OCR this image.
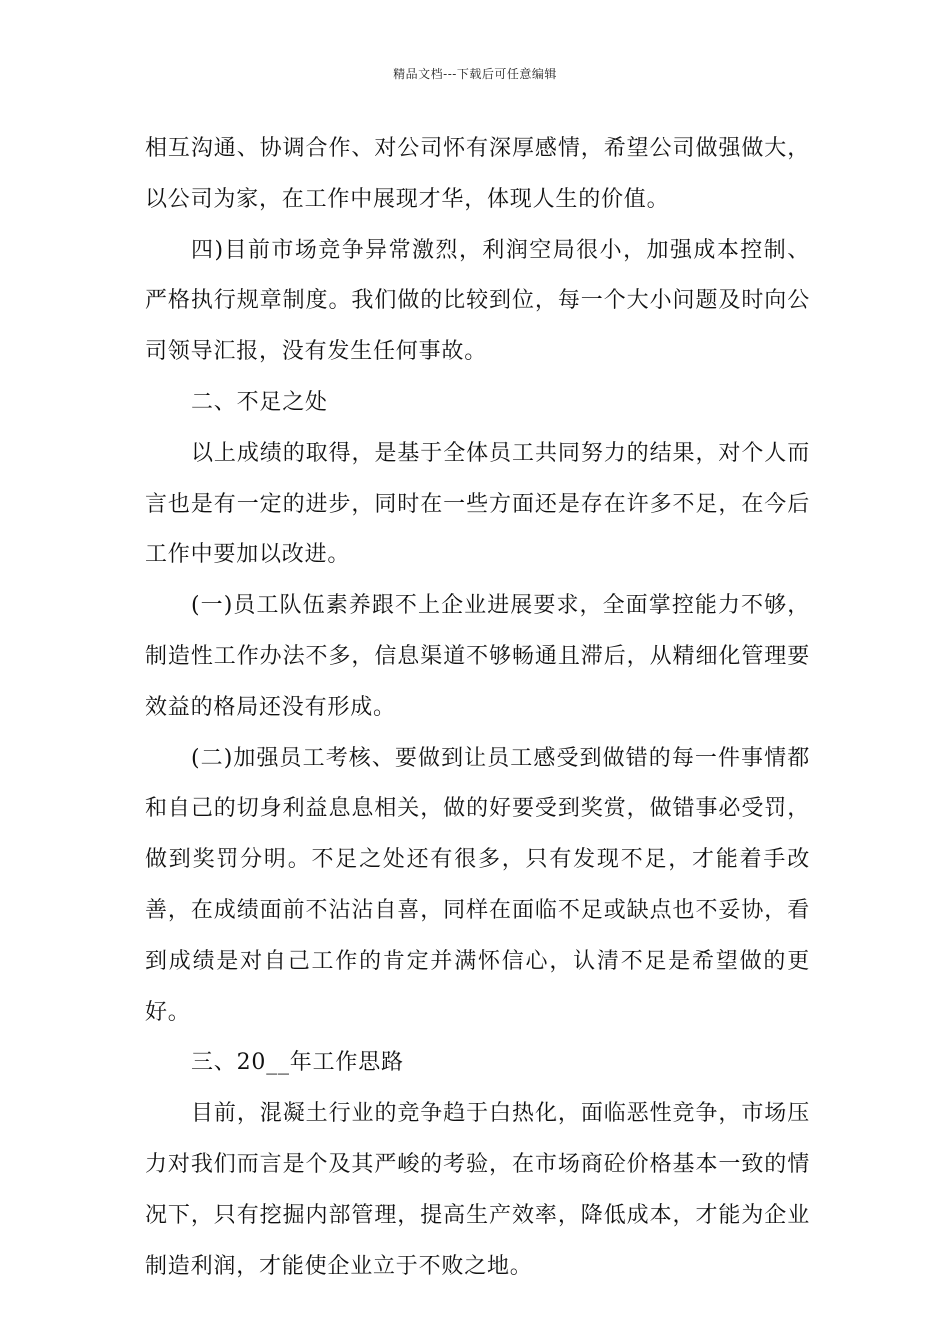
精品文档---下载后可任意编辑

相互沟通、协调合作、对公司怀有深厚感情，希望公司做强做大，以公司为家，在工作中展现才华，体现人生的价值。

四)目前市场竞争异常激烈，利润空局很小，加强成本控制、严格执行规章制度。我们做的比较到位，每一个大小问题及时向公司领导汇报，没有发生任何事故。

二、不足之处

以上成绩的取得，是基于全体员工共同努力的结果，对个人而言也是有一定的进步，同时在一些方面还是存在许多不足，在今后工作中要加以改进。

(一)员工队伍素养跟不上企业进展要求，全面掌控能力不够，制造性工作办法不多，信息渠道不够畅通且滞后，从精细化管理要效益的格局还没有形成。

(二)加强员工考核、要做到让员工感受到做错的每一件事情都和自己的切身利益息息相关，做的好要受到奖赏，做错事必受罚，做到奖罚分明。不足之处还有很多，只有发现不足，才能着手改善，在成绩面前不沾沾自喜，同样在面临不足或缺点也不妥协，看到成绩是对自己工作的肯定并满怀信心，认清不足是希望做的更好。

三、20__年工作思路

目前，混凝土行业的竞争趋于白热化，面临恶性竞争，市场压力对我们而言是个及其严峻的考验，在市场商砼价格基本一致的情况下，只有挖掘内部管理，提高生产效率，降低成本，才能为企业制造利润，才能使企业立于不败之地。
